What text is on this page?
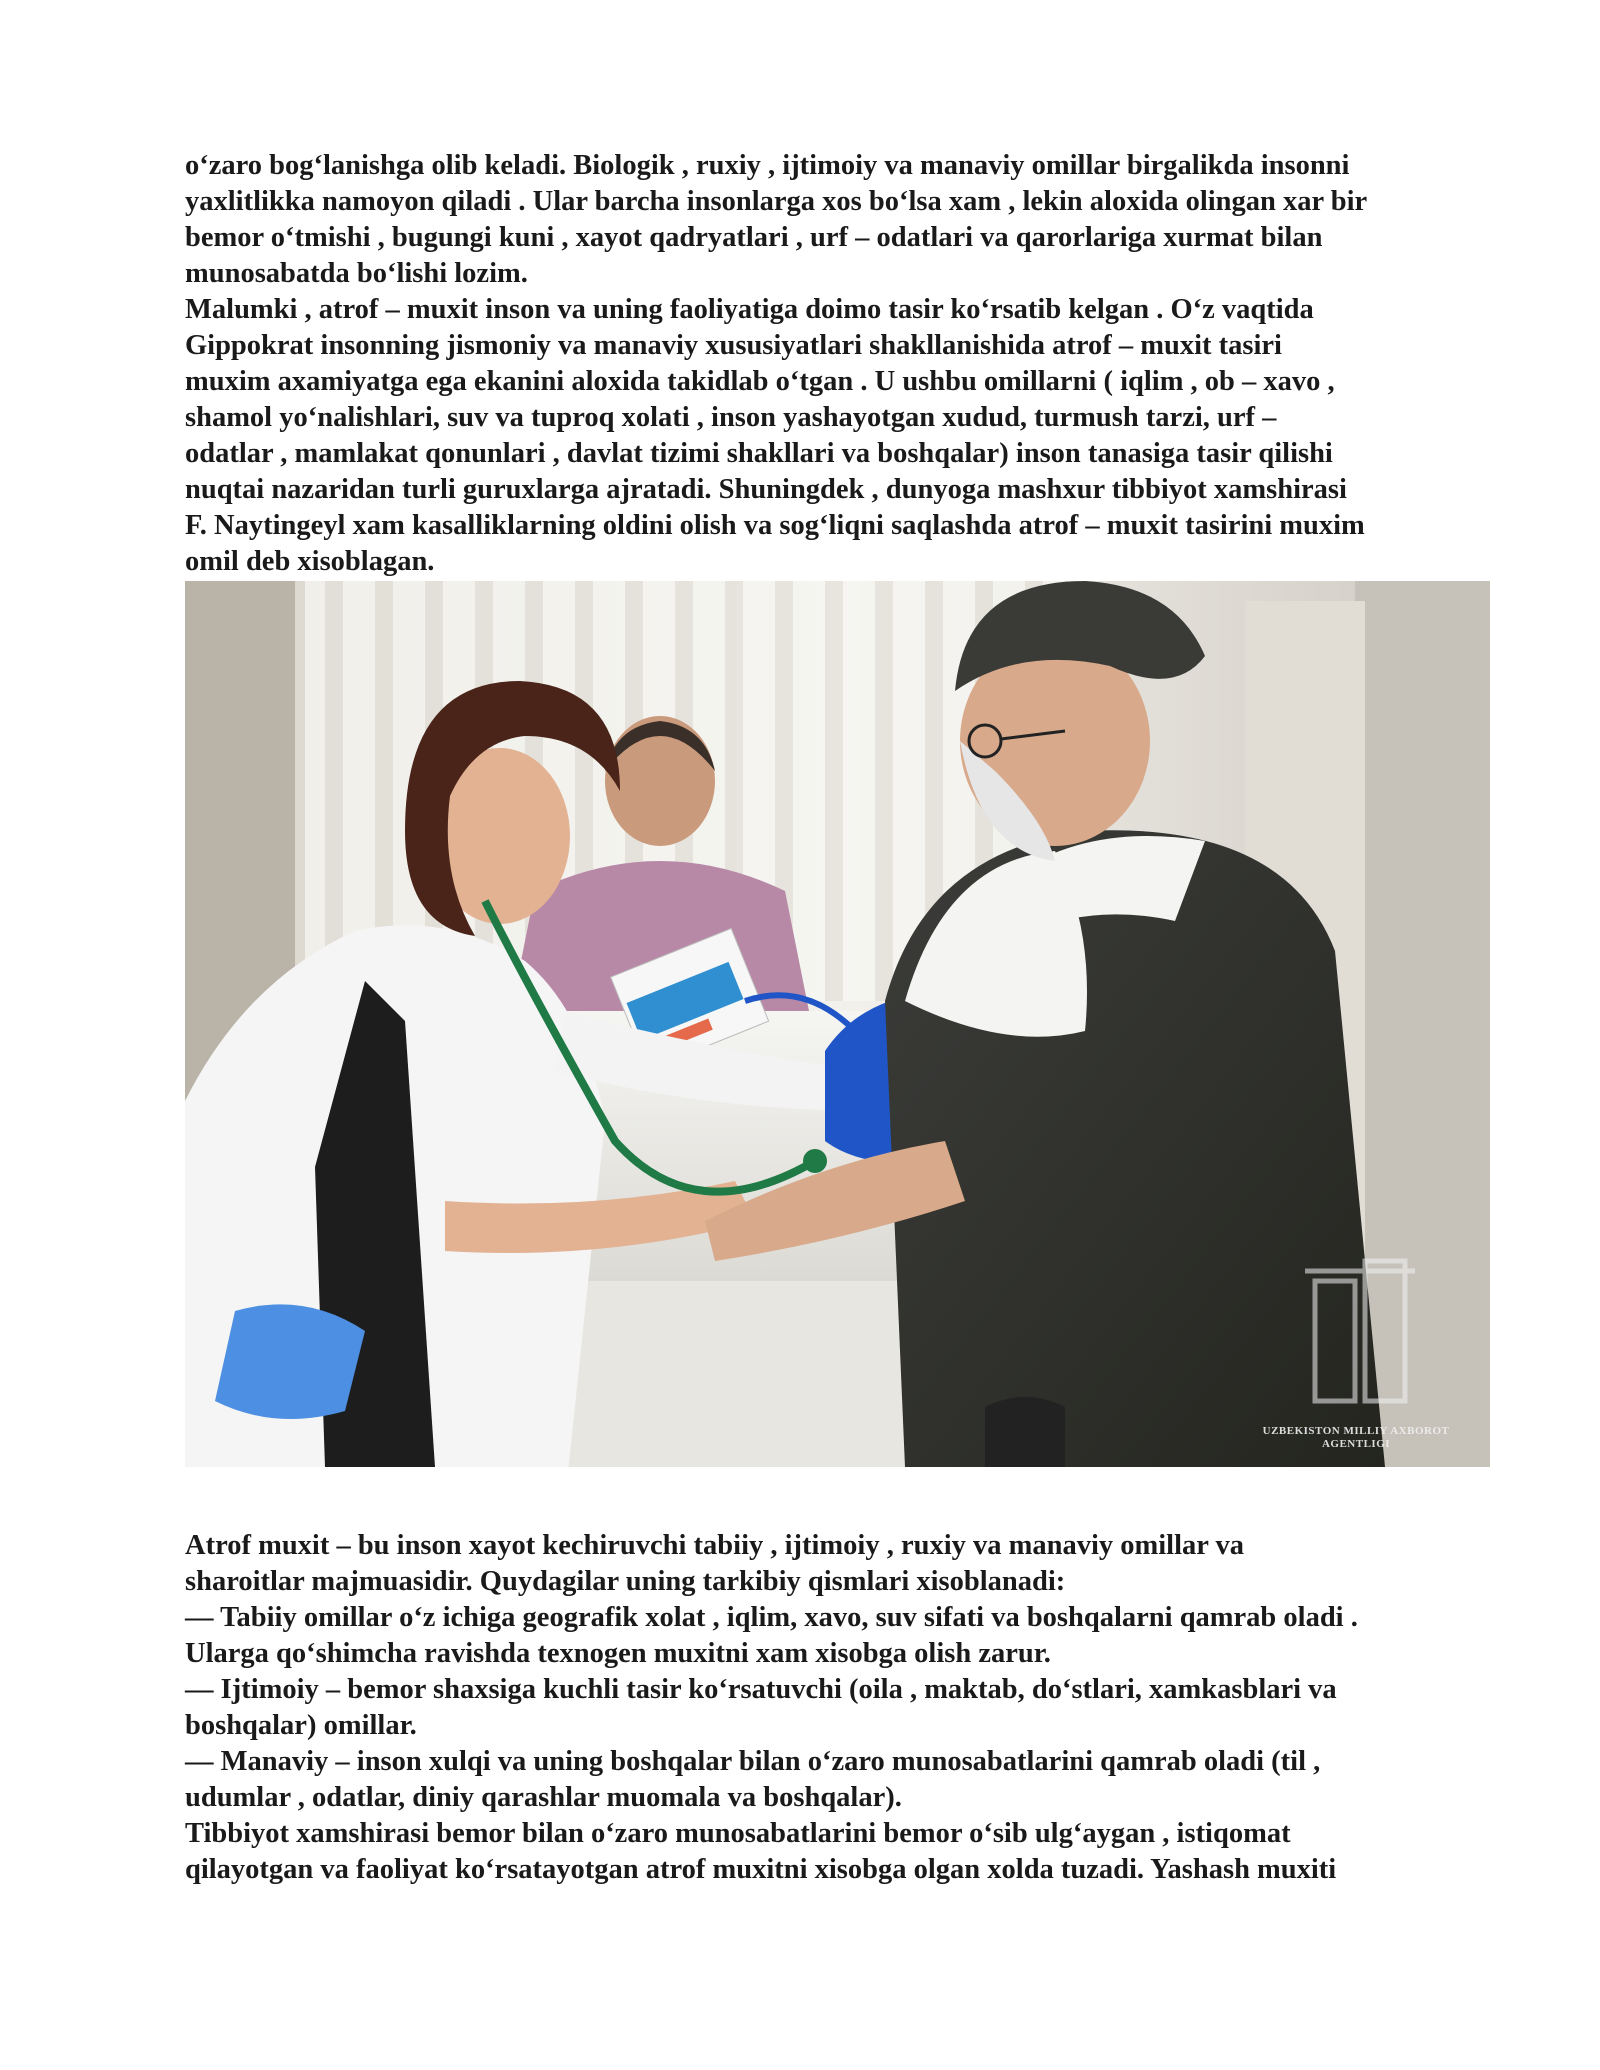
o‘zaro bog‘lanishga olib keladi. Biologik , ruxiy , ijtimoiy va manaviy omillar birgalikda insonni
yaxlitlikka namoyon qiladi . Ular barcha insonlarga xos bo‘lsa xam , lekin aloxida olingan xar bir
bemor o‘tmishi , bugungi kuni , xayot qadryatlari , urf – odatlari va qarorlariga xurmat bilan
munosabatda bo‘lishi lozim.
Malumki , atrof – muxit inson va uning faoliyatiga doimo tasir ko‘rsatib kelgan . O‘z vaqtida
Gippokrat insonning jismoniy va manaviy xususiyatlari shakllanishida atrof – muxit tasiri
muxim axamiyatga ega ekanini aloxida takidlab o‘tgan . U ushbu omillarni ( iqlim , ob – xavo ,
shamol yo‘nalishlari, suv va tuproq xolati , inson yashayotgan xudud, turmush tarzi, urf –
odatlar , mamlakat qonunlari , davlat tizimi shakllari va boshqalar) inson tanasiga tasir qilishi
nuqtai nazaridan turli guruxlarga ajratadi. Shuningdek , dunyoga mashxur tibbiyot xamshirasi
F. Naytingeyl xam kasalliklarning oldini olish va sog‘liqni saqlashda atrof – muxit tasirini muxim
omil deb xisoblagan.
UZBEKISTON MILLIY AXBOROT
AGENTLIGI
Atrof muxit – bu inson xayot kechiruvchi tabiiy , ijtimoiy , ruxiy va manaviy omillar va
sharoitlar majmuasidir. Quydagilar uning tarkibiy qismlari xisoblanadi:
— Tabiiy omillar o‘z ichiga geografik xolat , iqlim, xavo, suv sifati va boshqalarni qamrab oladi .
Ularga qo‘shimcha ravishda texnogen muxitni xam xisobga olish zarur.
— Ijtimoiy – bemor shaxsiga kuchli tasir ko‘rsatuvchi (oila , maktab, do‘stlari, xamkasblari va
boshqalar) omillar.
— Manaviy – inson xulqi va uning boshqalar bilan o‘zaro munosabatlarini qamrab oladi (til ,
udumlar , odatlar, diniy qarashlar muomala va boshqalar).
Tibbiyot xamshirasi bemor bilan o‘zaro munosabatlarini bemor o‘sib ulg‘aygan , istiqomat
qilayotgan va faoliyat ko‘rsatayotgan atrof muxitni xisobga olgan xolda tuzadi. Yashash muxiti
